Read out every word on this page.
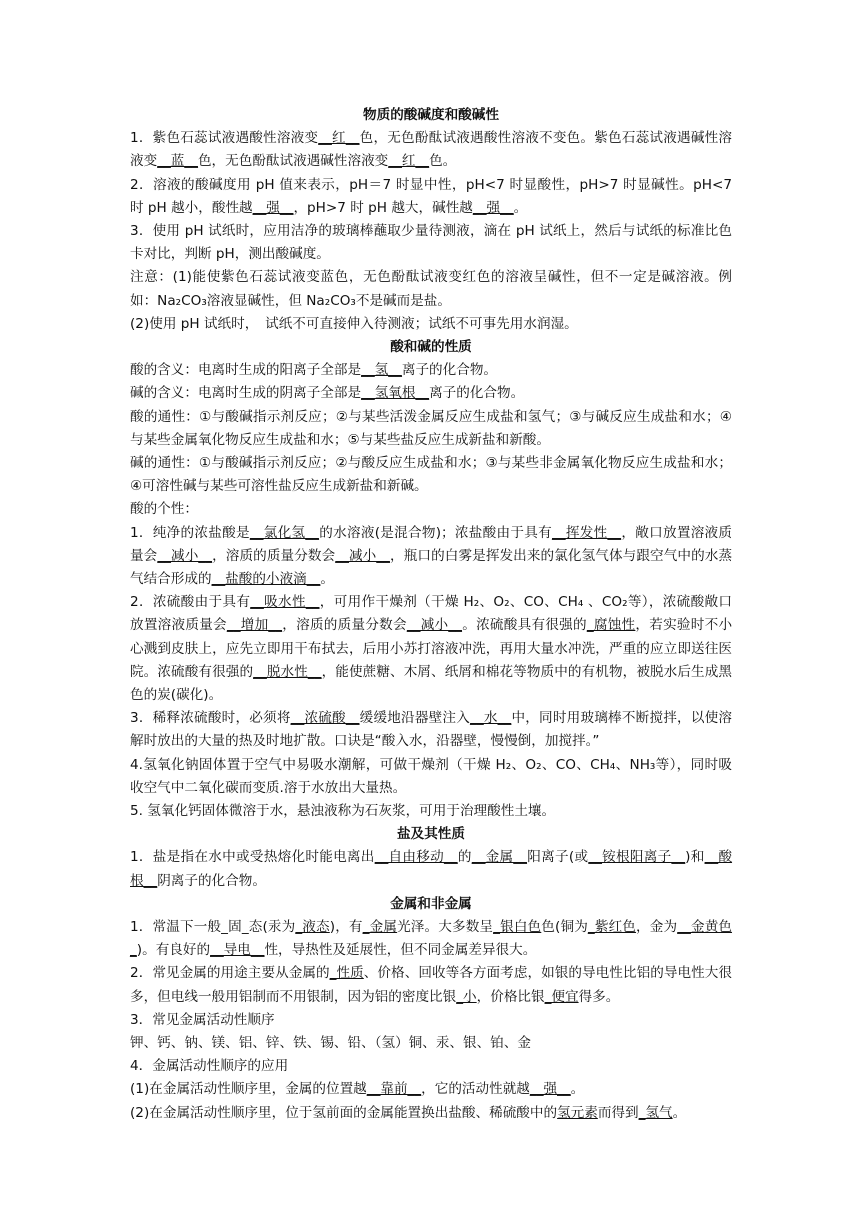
物质的酸碱度和酸碱性
1．紫色石蕊试液遇酸性溶液变__红__色，无色酚酞试液遇酸性溶液不变色。紫色石蕊试液遇碱性溶液变__蓝__色，无色酚酞试液遇碱性溶液变__红__色。
2．溶液的酸碱度用 pH 值来表示，pH＝7 时显中性，pH<7 时显酸性，pH>7 时显碱性。pH<7 时 pH 越小，酸性越__强__，pH>7 时 pH 越大，碱性越__强__。
3．使用 pH 试纸时，应用洁净的玻璃棒蘸取少量待测液，滴在 pH 试纸上，然后与试纸的标准比色卡对比，判断 pH，测出酸碱度。
注意：(1)能使紫色石蕊试液变蓝色，无色酚酞试液变红色的溶液呈碱性，但不一定是碱溶液。例如：Na₂CO₃溶液显碱性，但 Na₂CO₃不是碱而是盐。
(2)使用 pH 试纸时，　试纸不可直接伸入待测液；试纸不可事先用水润湿。
酸和碱的性质
酸的含义：电离时生成的阳离子全部是__氢__离子的化合物。
碱的含义：电离时生成的阴离子全部是__氢氧根__离子的化合物。
酸的通性：①与酸碱指示剂反应；②与某些活泼金属反应生成盐和氢气；③与碱反应生成盐和水；④与某些金属氧化物反应生成盐和水；⑤与某些盐反应生成新盐和新酸。
碱的通性：①与酸碱指示剂反应；②与酸反应生成盐和水；③与某些非金属氧化物反应生成盐和水；④可溶性碱与某些可溶性盐反应生成新盐和新碱。
酸的个性：
1．纯净的浓盐酸是__氯化氢__的水溶液(是混合物)；浓盐酸由于具有__挥发性__，敞口放置溶液质量会__减小__，溶质的质量分数会__减小__，瓶口的白雾是挥发出来的氯化氢气体与跟空气中的水蒸气结合形成的__盐酸的小液滴__。
2．浓硫酸由于具有__吸水性__，可用作干燥剂（干燥 H₂、O₂、CO、CH₄ 、CO₂等），浓硫酸敞口放置溶液质量会__增加__，溶质的质量分数会__减小__。浓硫酸具有很强的_腐蚀性，若实验时不小心溅到皮肤上，应先立即用干布拭去，后用小苏打溶液冲洗，再用大量水冲洗，严重的应立即送往医院。浓硫酸有很强的__脱水性__，能使蔗糖、木屑、纸屑和棉花等物质中的有机物，被脱水后生成黑色的炭(碳化)。
3．稀释浓硫酸时，必须将__浓硫酸__缓缓地沿器壁注入__水__中，同时用玻璃棒不断搅拌，以使溶解时放出的大量的热及时地扩散。口诀是“酸入水，沿器壁，慢慢倒，加搅拌。”
4.氢氧化钠固体置于空气中易吸水潮解，可做干燥剂（干燥 H₂、O₂、CO、CH₄、NH₃等），同时吸收空气中二氧化碳而变质.溶于水放出大量热。
5. 氢氧化钙固体微溶于水，悬浊液称为石灰浆，可用于治理酸性土壤。
盐及其性质
1．盐是指在水中或受热熔化时能电离出__自由移动__的__金属__阳离子(或__铵根阳离子__)和__酸根__阴离子的化合物。
金属和非金属
1．常温下一般_固_态(汞为_液态)，有_金属光泽。大多数呈_银白色色(铜为_紫红色，金为__金黄色_)。有良好的__导电__性，导热性及延展性，但不同金属差异很大。
2．常见金属的用途主要从金属的_性质、价格、回收等各方面考虑，如银的导电性比铝的导电性大很多，但电线一般用铝制而不用银制，因为铝的密度比银_小，价格比银_便宜得多。
3．常见金属活动性顺序
钾、钙、钠、镁、铝、锌、铁、锡、铅、（氢）铜、汞、银、铂、金
4．金属活动性顺序的应用
(1)在金属活动性顺序里，金属的位置越__靠前__，它的活动性就越__强__。
(2)在金属活动性顺序里，位于氢前面的金属能置换出盐酸、稀硫酸中的氢元素而得到_氢气。
